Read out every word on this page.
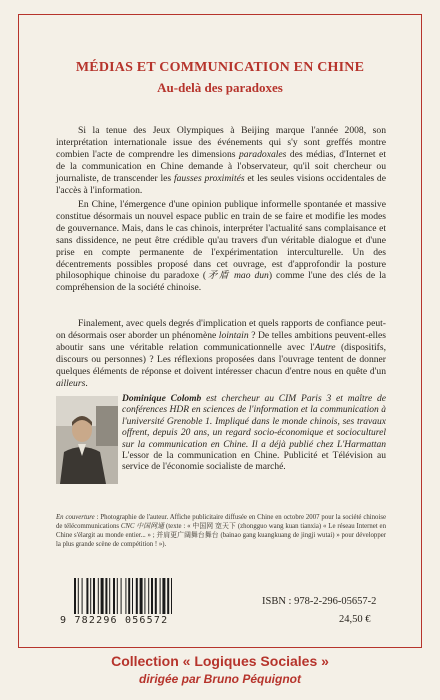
MÉDIAS ET COMMUNICATION EN CHINE
Au-delà des paradoxes

Si la tenue des Jeux Olympiques à Beijing marque l'année 2008, son interprétation internationale issue des événements qui s'y sont greffés montre combien l'acte de comprendre les dimensions paradoxales des médias, d'Internet et de la communication en Chine demande à l'observateur, qu'il soit chercheur ou journaliste, de transcender les fausses proximités et les seules visions occidentales de l'accès à l'information.

En Chine, l'émergence d'une opinion publique informelle spontanée et massive constitue désormais un nouvel espace public en train de se faire et modifie les modes de gouvernance. Mais, dans le cas chinois, interpréter l'actualité sans complaisance et sans dissidence, ne peut être crédible qu'au travers d'un véritable dialogue et d'une prise en compte permanente de l'expérimentation interculturelle. Un des décentrements possibles proposé dans cet ouvrage, est d'approfondir la posture philosophique chinoise du paradoxe (矛盾 mao dun) comme l'une des clés de la compréhension de la société chinoise.

Finalement, avec quels degrés d'implication et quels rapports de confiance peut-on désormais oser aborder un phénomène lointain ? De telles ambitions peuvent-elles aboutir sans une véritable relation communicationnelle avec l'Autre (dispositifs, discours ou personnes) ? Les réflexions proposées dans l'ouvrage tentent de donner quelques éléments de réponse et doivent intéresser chacun d'entre nous en quête d'un ailleurs.

Dominique Colomb est chercheur au CIM Paris 3 et maître de conférences HDR en sciences de l'information et la communication à l'université Grenoble 1. Impliqué dans le monde chinois, ses travaux offrent, depuis 20 ans, un regard socio-économique et socioculturel sur la communication en Chine. Il a déjà publié chez L'Harmattan L'essor de la communication en Chine. Publicité et Télévision au service de l'économie socialiste de marché.
En couverture : Photographie de l'auteur. Affiche publicitaire diffusée en Chine en octobre 2007 pour la société chinoise de télécommunications CNC 中国网通 (texte : « 中国网 宽天下 (zhongguo wang kuan tianxia) « Le réseau Internet en Chine s'élargit au monde entier... » ; 并肩更广阔舞台舞台 (bainao gang kuangkuang de jingji wutai) » pour développer la plus grande scène de compétition ! »).
9 782296 056572
ISBN : 978-2-296-05657-2
24,50 €
Collection « Logiques Sociales »
dirigée par Bruno Péquignot
